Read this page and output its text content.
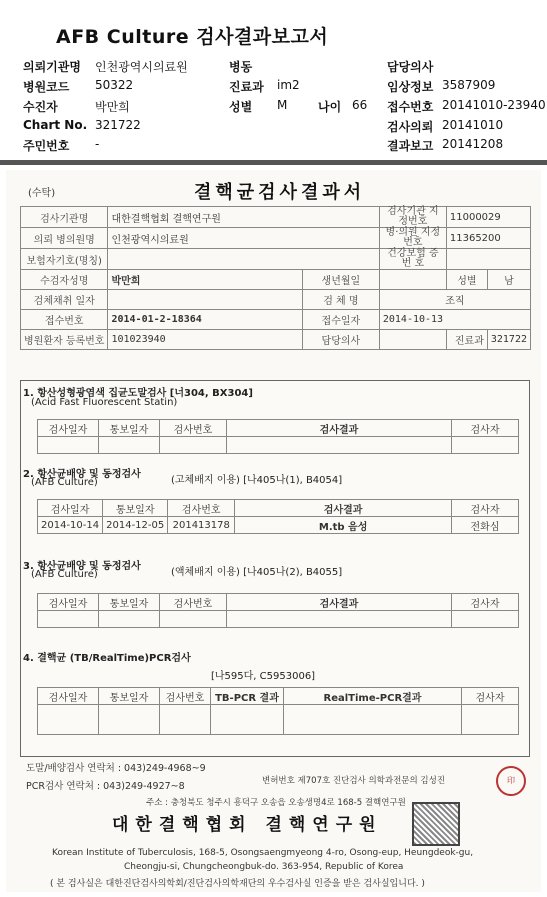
AFB Culture 검사결과보고서
의뢰기관명 인천광역시의료원	병동	담당의사
병원코드 50322	진료과 im2	임상정보 3587909
수진자	박만희	성별 M	나이 66 접수번호 20141010-23940
Chart No. 321722	검사의뢰 20141010
주민번호 -	결과보고 20141208
(수탁)	결핵균검사결과서
검사기관명	대한결핵협회 결핵연구원		검사기관 지정번호	11000029	
의뢰 병의원명	인천광역시의료원		병·의원 지정번호	11365200	
보험자기호(명칭)			건강보험 증 번 호		
수검자성명	박만희	생년월일		성별	남
검체채취 일자		검 체 명	조직		
접수번호	2014-01-2-18364	접수일자	2014-10-13		
병원환자 등록번호	101023940	담당의사		진료과	321722
1. 항산성형광염색 집균도말검사 [너304, BX304]
(Acid Fast Fluorescent Statin)
검사일자	통보일자	검사번호	검사결과	검사자

2. 항산균배양 및 동정검사
(AFB Culture)	(고체배지 이용) [나405나(1), B4054]
검사일자	통보일자	검사번호	검사결과	검사자
2014-10-14	2014-12-05	201413178	M.tb 음성	전화심
3. 항산균배양 및 동정검사
(AFB Culture)	(액체배지 이용) [나405나(2), B4055]
검사일자	통보일자	검사번호	검사결과	검사자

4. 결핵균 (TB/RealTime)PCR검사
[나595다, C5953006]
검사일자	통보일자	검사번호	TB-PCR 결과	RealTime-PCR결과	검사자

도말/배양검사 연락처 : 043)249-4968~9
PCR검사 연락처 : 043)249-4927~8	변허번호 제707호 진단검사 의학과전문의 김성진	印
주소 : 충청북도 청주시 흥덕구 오송읍 오송생명4로 168-5 결핵연구원
대한결핵협회 결핵연구원
Korean Institute of Tuberculosis, 168-5, Osongsaengmyeong 4-ro, Osong-eup, Heungdeok-gu,
Cheongju-si, Chungcheongbuk-do. 363-954, Republic of Korea
( 본 검사실은 대한진단검사의학회/진단검사의학재단의 우수검사실 인증을 받은 검사실입니다. )
